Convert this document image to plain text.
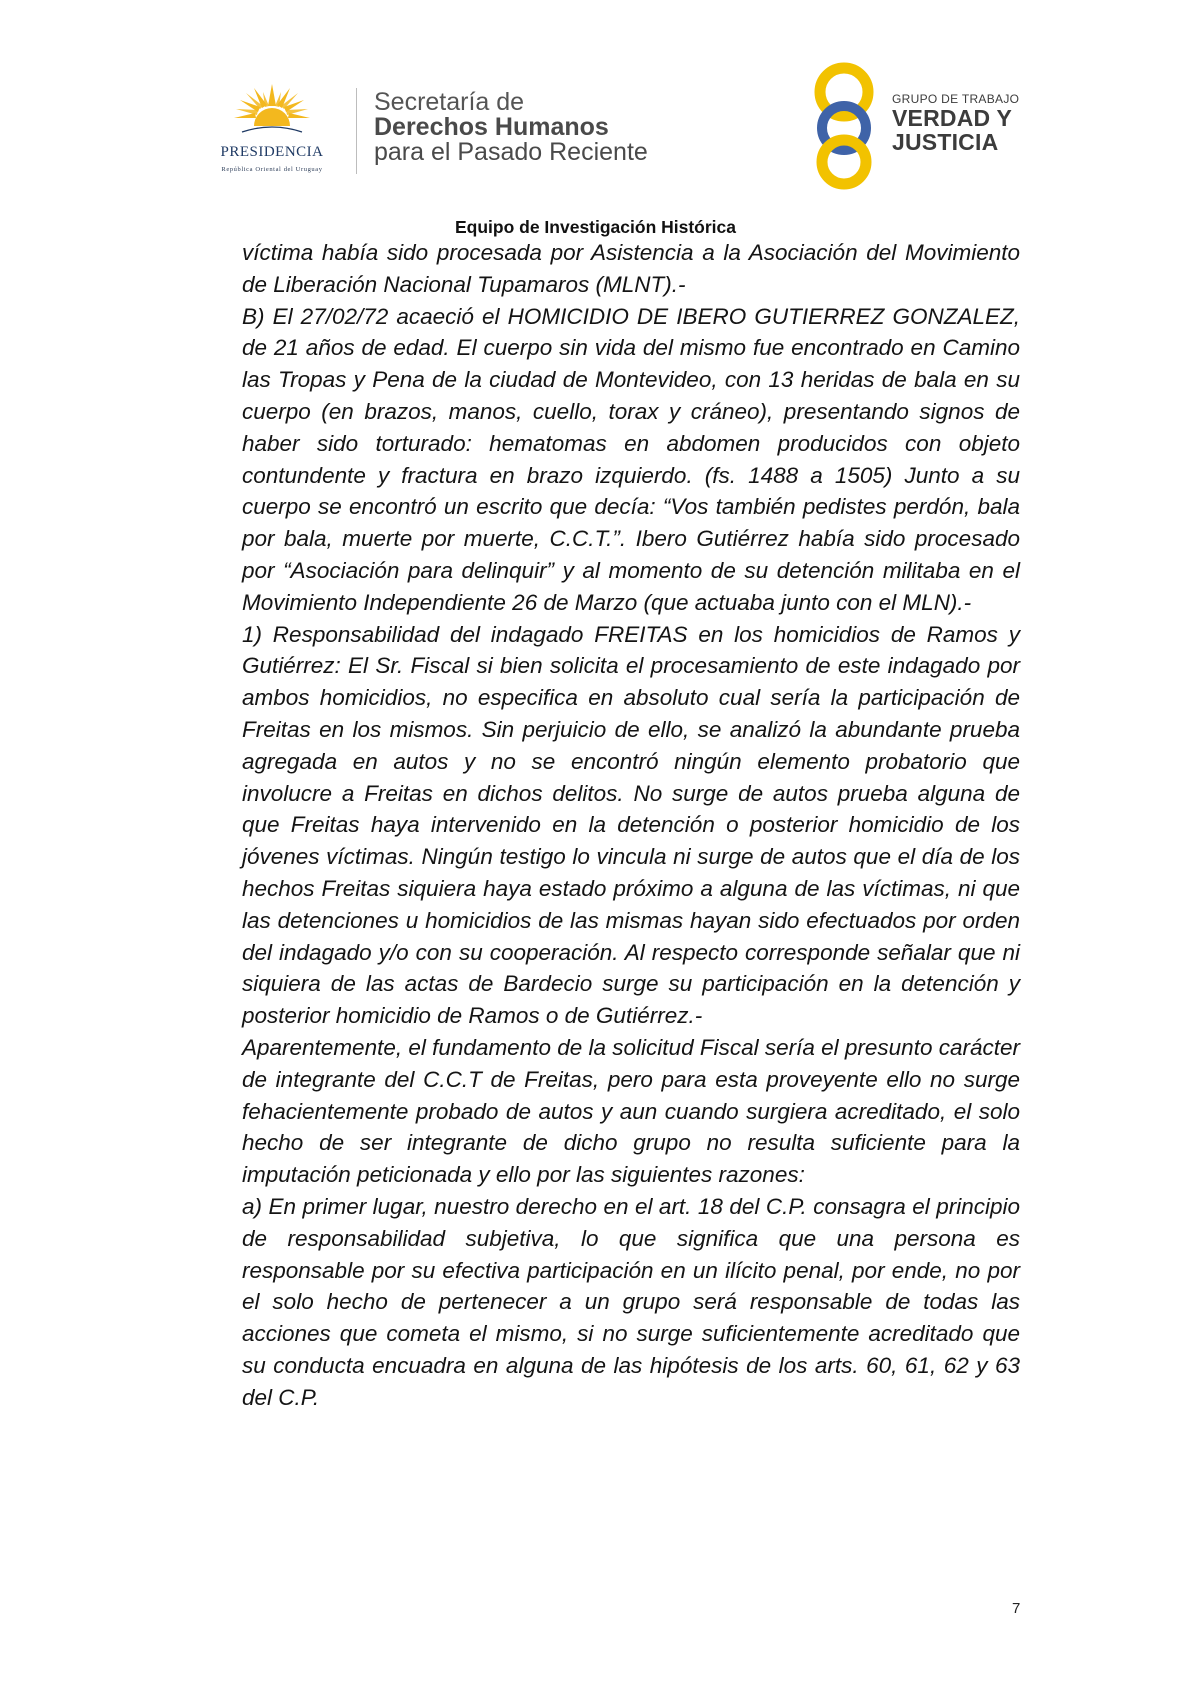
PRESIDENCIA
República Oriental del Uruguay
Secretaría de
Derechos Humanos
para el Pasado Reciente
GRUPO DE TRABAJO
VERDAD Y
JUSTICIA
Equipo de Investigación Histórica

víctima había sido procesada por Asistencia a la Asociación del Movimiento de Liberación Nacional Tupamaros (MLNT).-

B) El 27/02/72 acaeció el HOMICIDIO DE IBERO GUTIERREZ GONZALEZ, de 21 años de edad. El cuerpo sin vida del mismo fue encontrado en Camino las Tropas y Pena de la ciudad de Montevideo, con 13 heridas de bala en su cuerpo (en brazos, manos, cuello, torax y cráneo), presentando signos de haber sido torturado: hematomas en abdomen producidos con objeto contundente y fractura en brazo izquierdo. (fs. 1488 a 1505) Junto a su cuerpo se encontró un escrito que decía: “Vos también pedistes perdón, bala por bala, muerte por muerte, C.C.T.”. Ibero Gutiérrez había sido procesado por “Asociación para delinquir” y al momento de su detención militaba en el Movimiento Independiente 26 de Marzo (que actuaba junto con el MLN).-

1) Responsabilidad del indagado FREITAS en los homicidios de Ramos y Gutiérrez: El Sr. Fiscal si bien solicita el procesamiento de este indagado por ambos homicidios, no especifica en absoluto cual sería la participación de Freitas en los mismos. Sin perjuicio de ello, se analizó la abundante prueba agregada en autos y no se encontró ningún elemento probatorio que involucre a Freitas en dichos delitos. No surge de autos prueba alguna de que Freitas haya intervenido en la detención o posterior homicidio de los jóvenes víctimas. Ningún testigo lo vincula ni surge de autos que el día de los hechos Freitas siquiera haya estado próximo a alguna de las víctimas, ni que las detenciones u homicidios de las mismas hayan sido efectuados por orden del indagado y/o con su cooperación. Al respecto corresponde señalar que ni siquiera de las actas de Bardecio surge su participación en la detención y posterior homicidio de Ramos o de Gutiérrez.-

Aparentemente, el fundamento de la solicitud Fiscal sería el presunto carácter de integrante del C.C.T de Freitas, pero para esta proveyente ello no surge fehacientemente probado de autos y aun cuando surgiera acreditado, el solo hecho de ser integrante de dicho grupo no resulta suficiente para la imputación peticionada y ello por las siguientes razones:

a) En primer lugar, nuestro derecho en el art. 18 del C.P. consagra el principio de responsabilidad subjetiva, lo que significa que una persona es responsable por su efectiva participación en un ilícito penal, por ende, no por el solo hecho de pertenecer a un grupo será responsable de todas las acciones que cometa el mismo, si no surge suficientemente acreditado que su conducta encuadra en alguna de las hipótesis de los arts. 60, 61, 62 y 63 del C.P.

7
